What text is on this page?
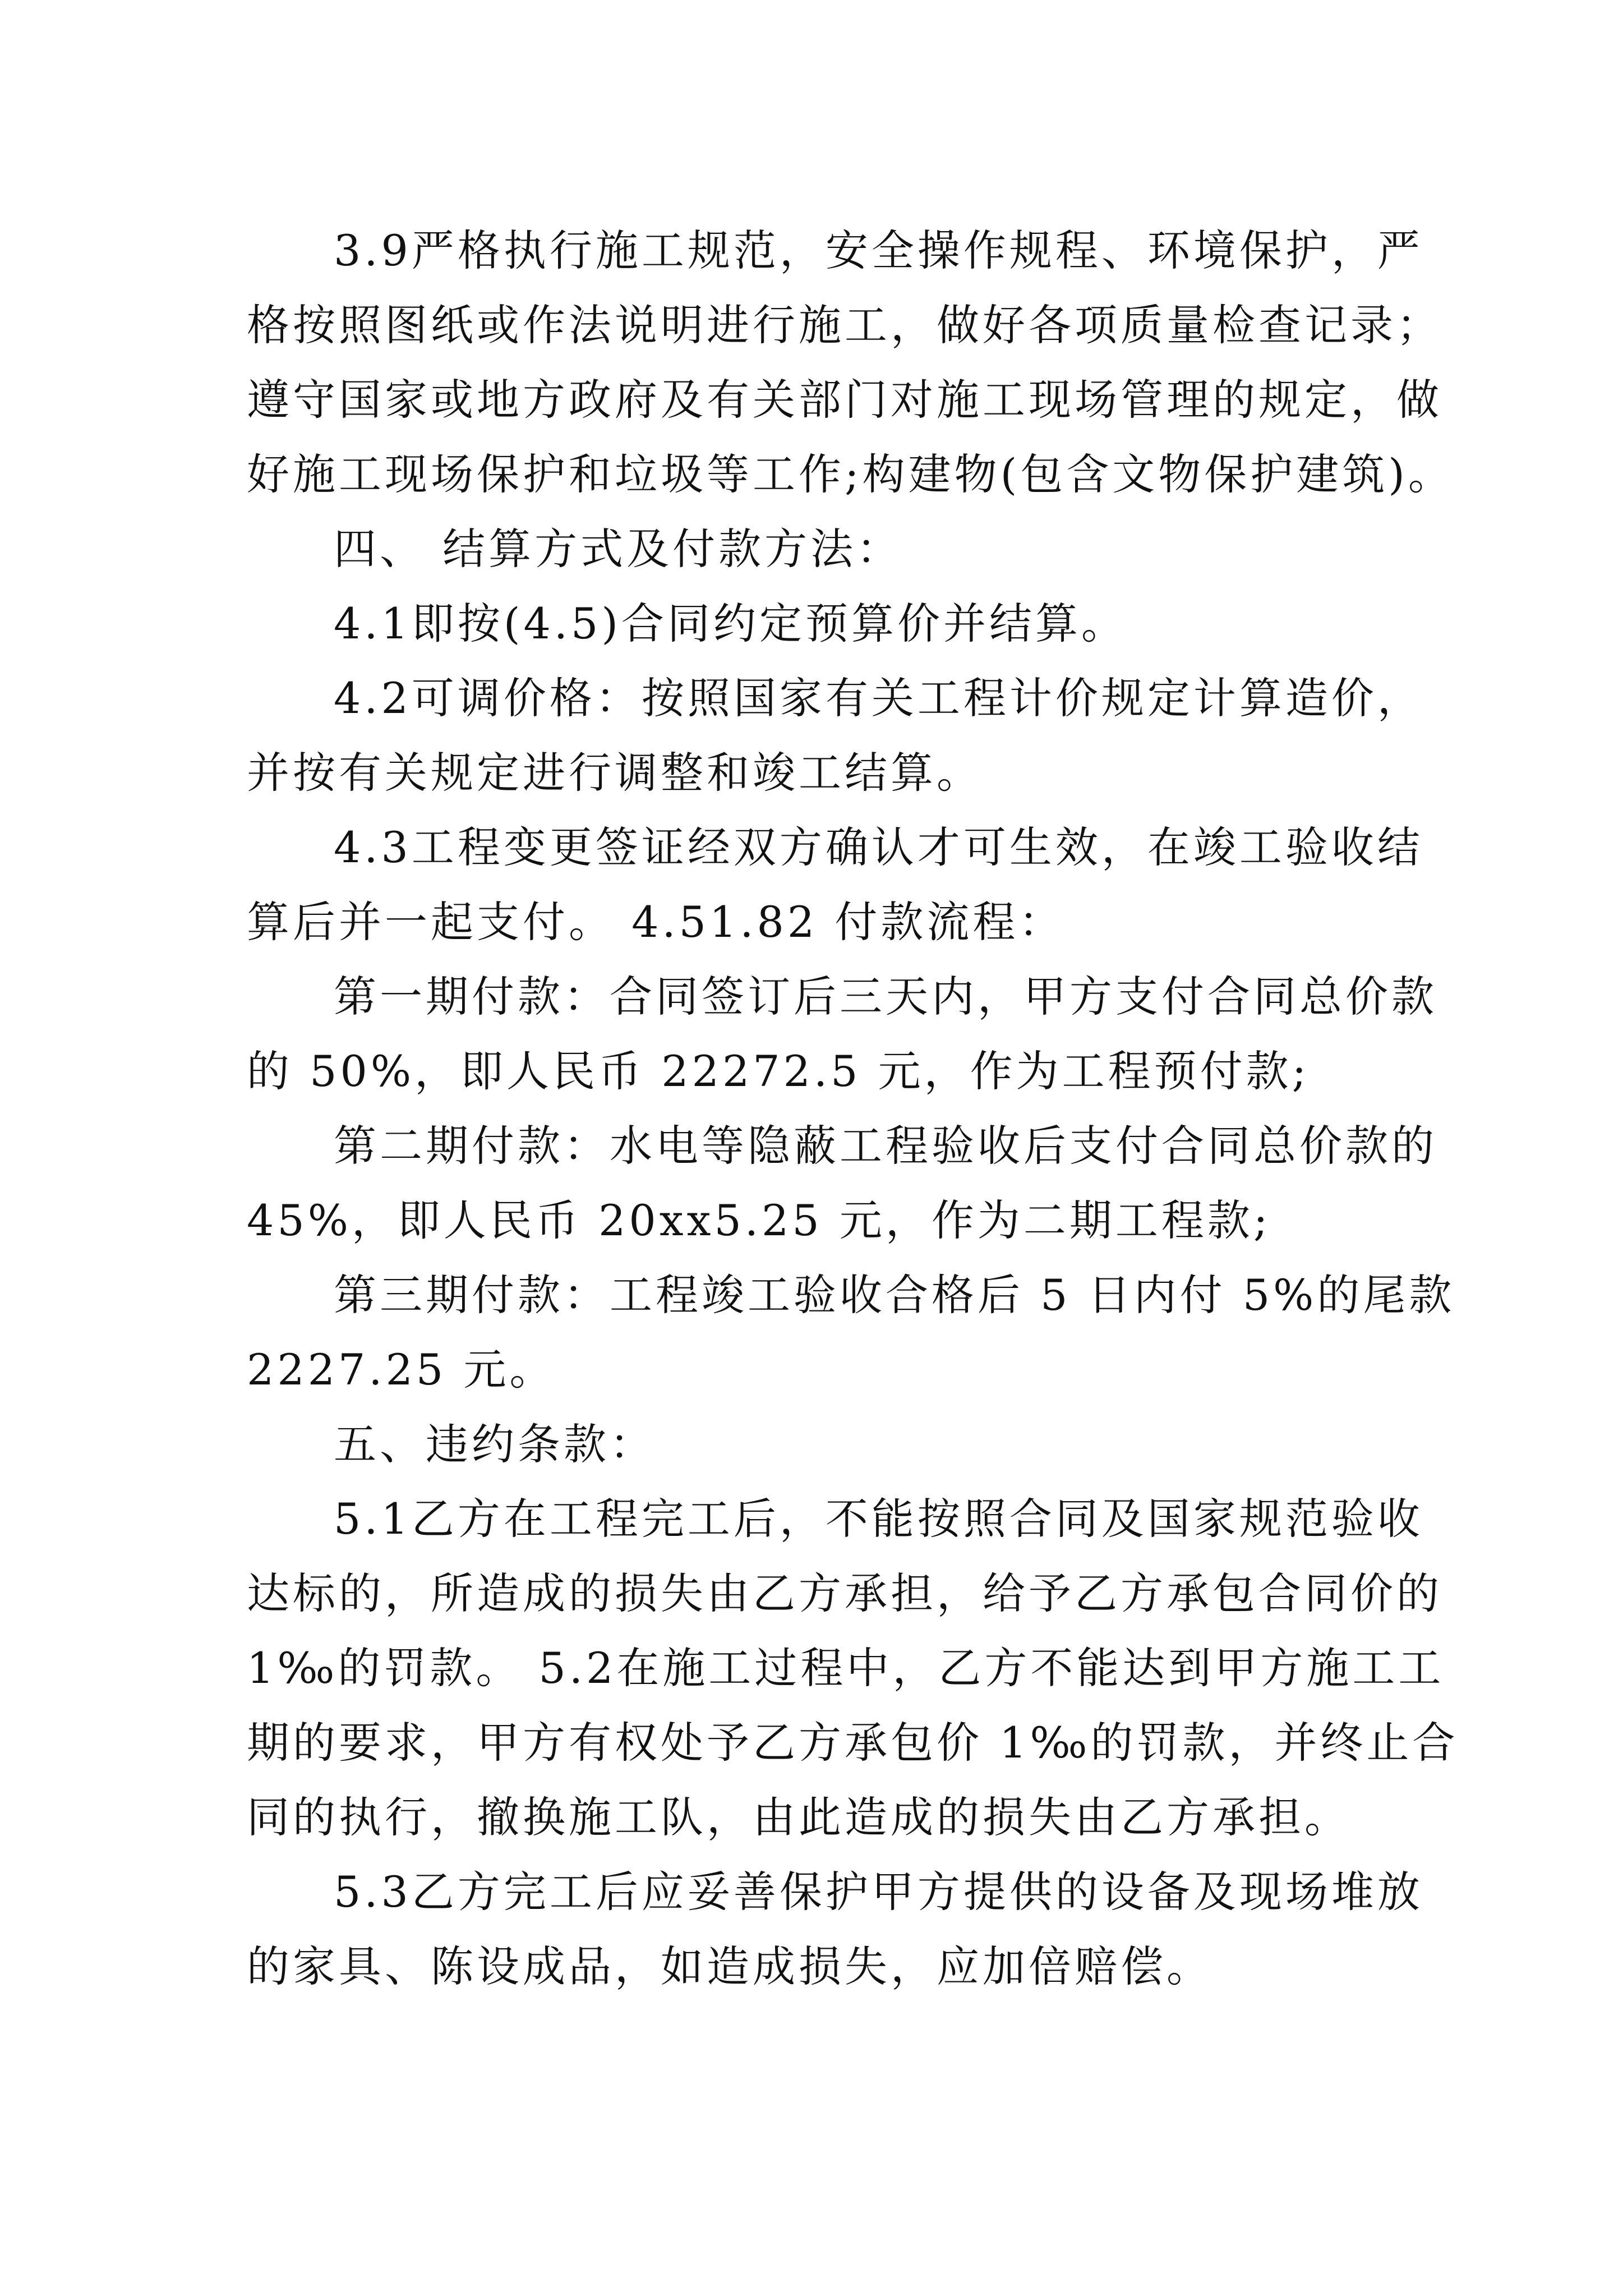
3.9严格执行施工规范，安全操作规程、环境保护，严
格按照图纸或作法说明进行施工，做好各项质量检查记录；
遵守国家或地方政府及有关部门对施工现场管理的规定，做
好施工现场保护和垃圾等工作;构建物(包含文物保护建筑)。
四、 结算方式及付款方法：
4.1即按(4.5)合同约定预算价并结算。
4.2可调价格：按照国家有关工程计价规定计算造价，
并按有关规定进行调整和竣工结算。
4.3工程变更签证经双方确认才可生效，在竣工验收结
算后并一起支付。 4.51.82 付款流程：
第一期付款：合同签订后三天内，甲方支付合同总价款
的 50%，即人民币 22272.5 元，作为工程预付款;
第二期付款：水电等隐蔽工程验收后支付合同总价款的
45%，即人民币 20xx5.25 元，作为二期工程款;
第三期付款：工程竣工验收合格后 5 日内付 5%的尾款
2227.25 元。
五、违约条款：
5.1乙方在工程完工后，不能按照合同及国家规范验收
达标的，所造成的损失由乙方承担，给予乙方承包合同价的
1‰的罚款。 5.2在施工过程中，乙方不能达到甲方施工工
期的要求，甲方有权处予乙方承包价 1‰的罚款，并终止合
同的执行，撤换施工队，由此造成的损失由乙方承担。
5.3乙方完工后应妥善保护甲方提供的设备及现场堆放
的家具、陈设成品，如造成损失，应加倍赔偿。
